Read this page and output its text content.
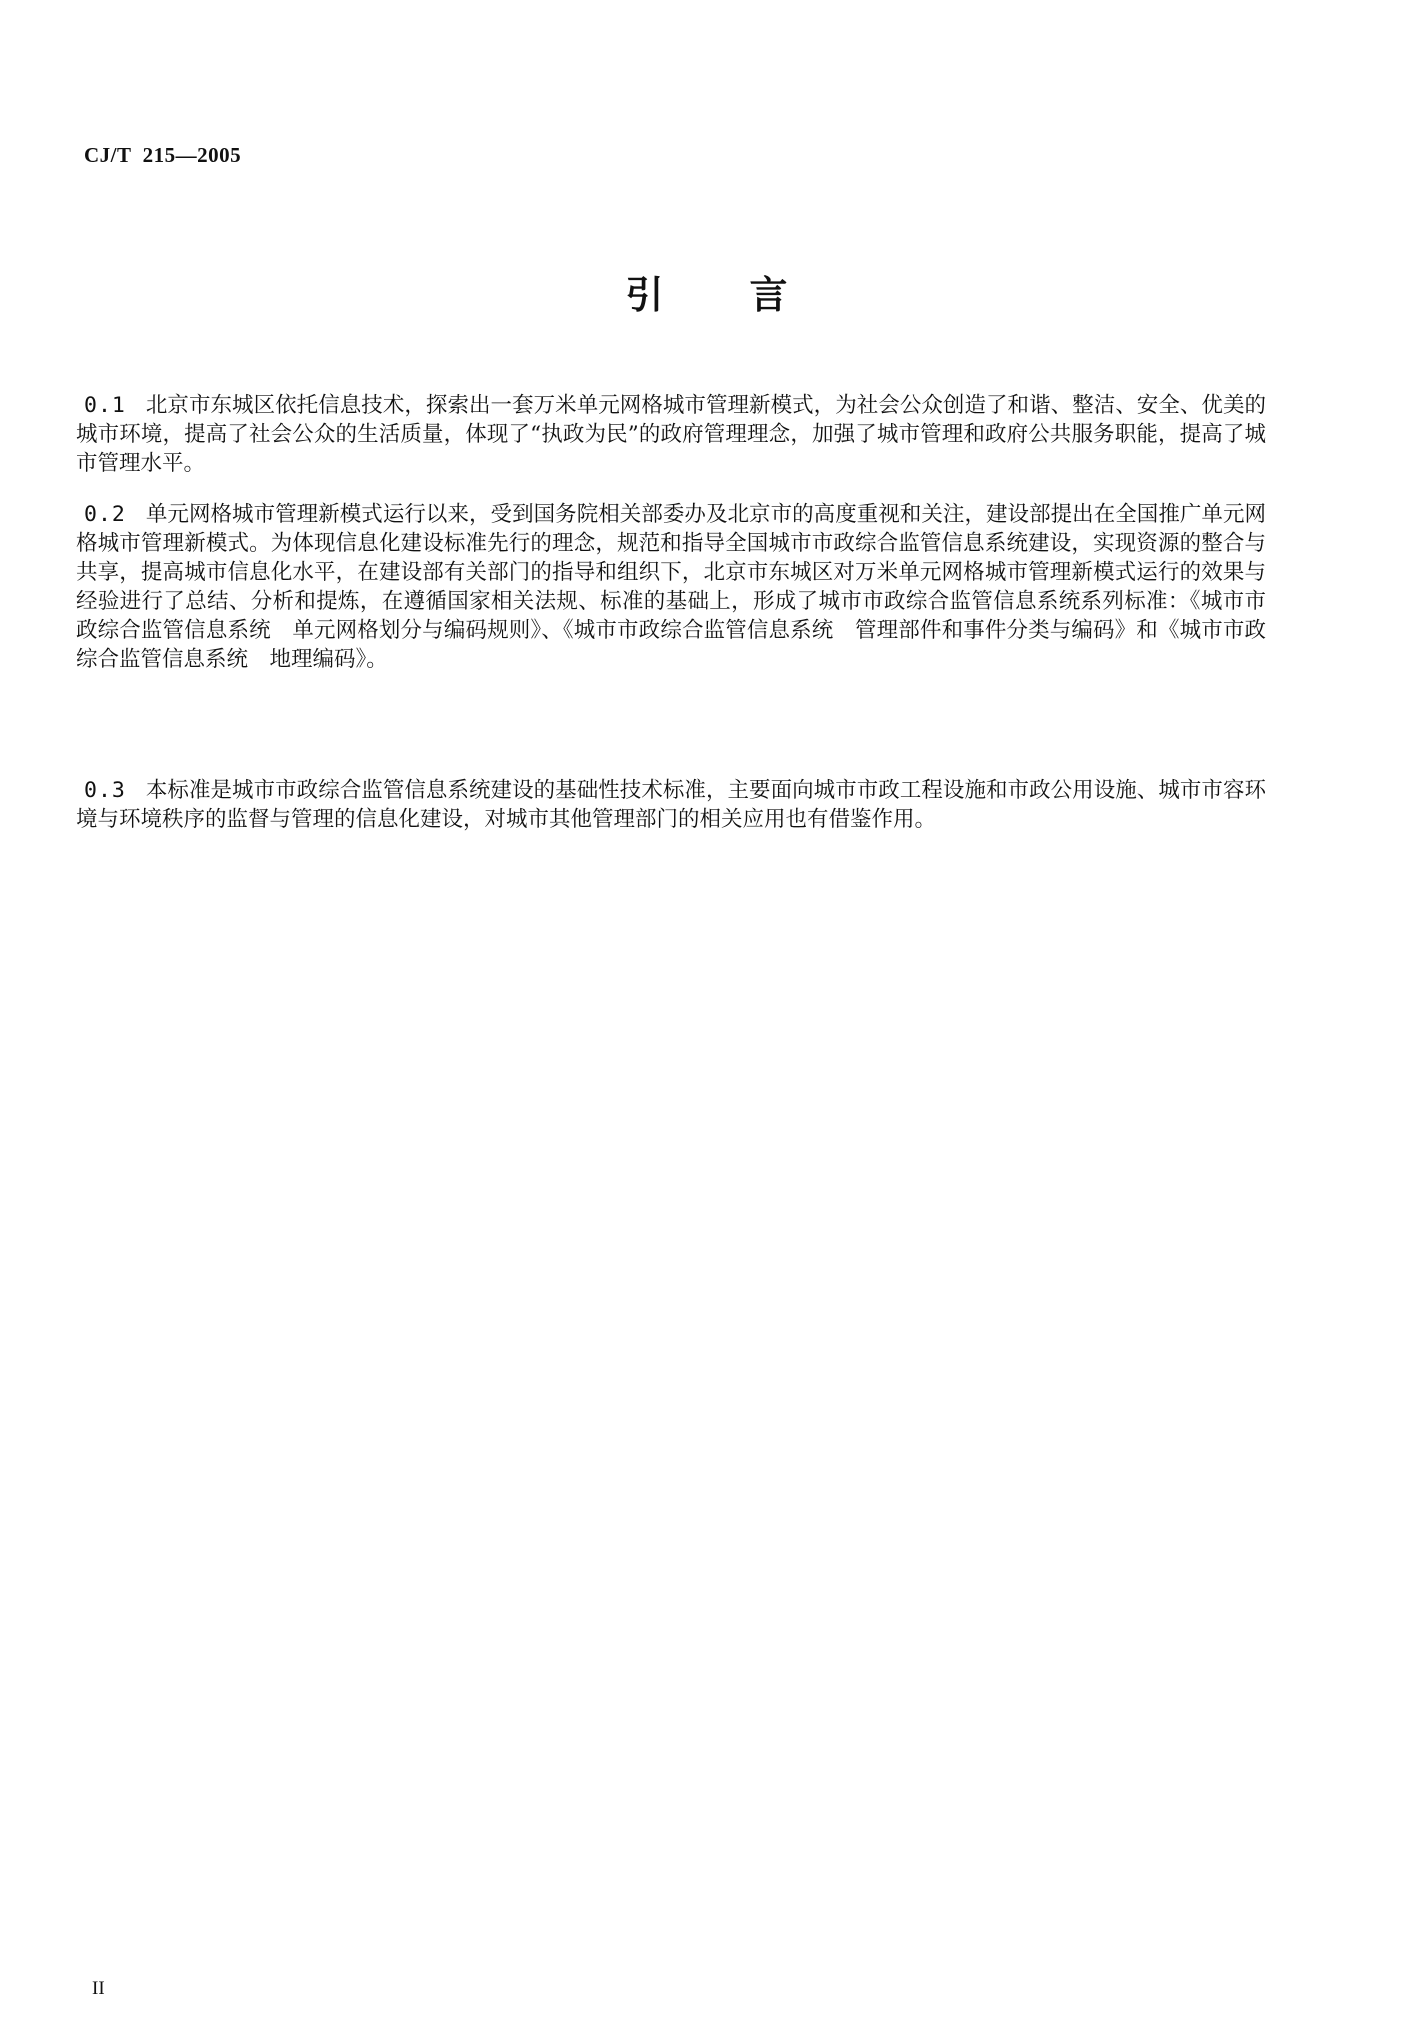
CJ/T  215—2005
引 言
0.1 北京市东城区依托信息技术，探索出一套万米单元网格城市管理新模式，为社会公众创造了和谐、整洁、安全、优美的城市环境，提高了社会公众的生活质量，体现了“执政为民”的政府管理理念，加强了城市管理和政府公共服务职能，提高了城市管理水平。
0.2 单元网格城市管理新模式运行以来，受到国务院相关部委办及北京市的高度重视和关注，建设部提出在全国推广单元网格城市管理新模式。为体现信息化建设标准先行的理念，规范和指导全国城市市政综合监管信息系统建设，实现资源的整合与共享，提高城市信息化水平，在建设部有关部门的指导和组织下，北京市东城区对万米单元网格城市管理新模式运行的效果与经验进行了总结、分析和提炼，在遵循国家相关法规、标准的基础上，形成了城市市政综合监管信息系统系列标准：《城市市政综合监管信息系统　单元网格划分与编码规则》、《城市市政综合监管信息系统　管理部件和事件分类与编码》和《城市市政综合监管信息系统　地理编码》。
0.3 本标准是城市市政综合监管信息系统建设的基础性技术标准，主要面向城市市政工程设施和市政公用设施、城市市容环境与环境秩序的监督与管理的信息化建设，对城市其他管理部门的相关应用也有借鉴作用。
II
